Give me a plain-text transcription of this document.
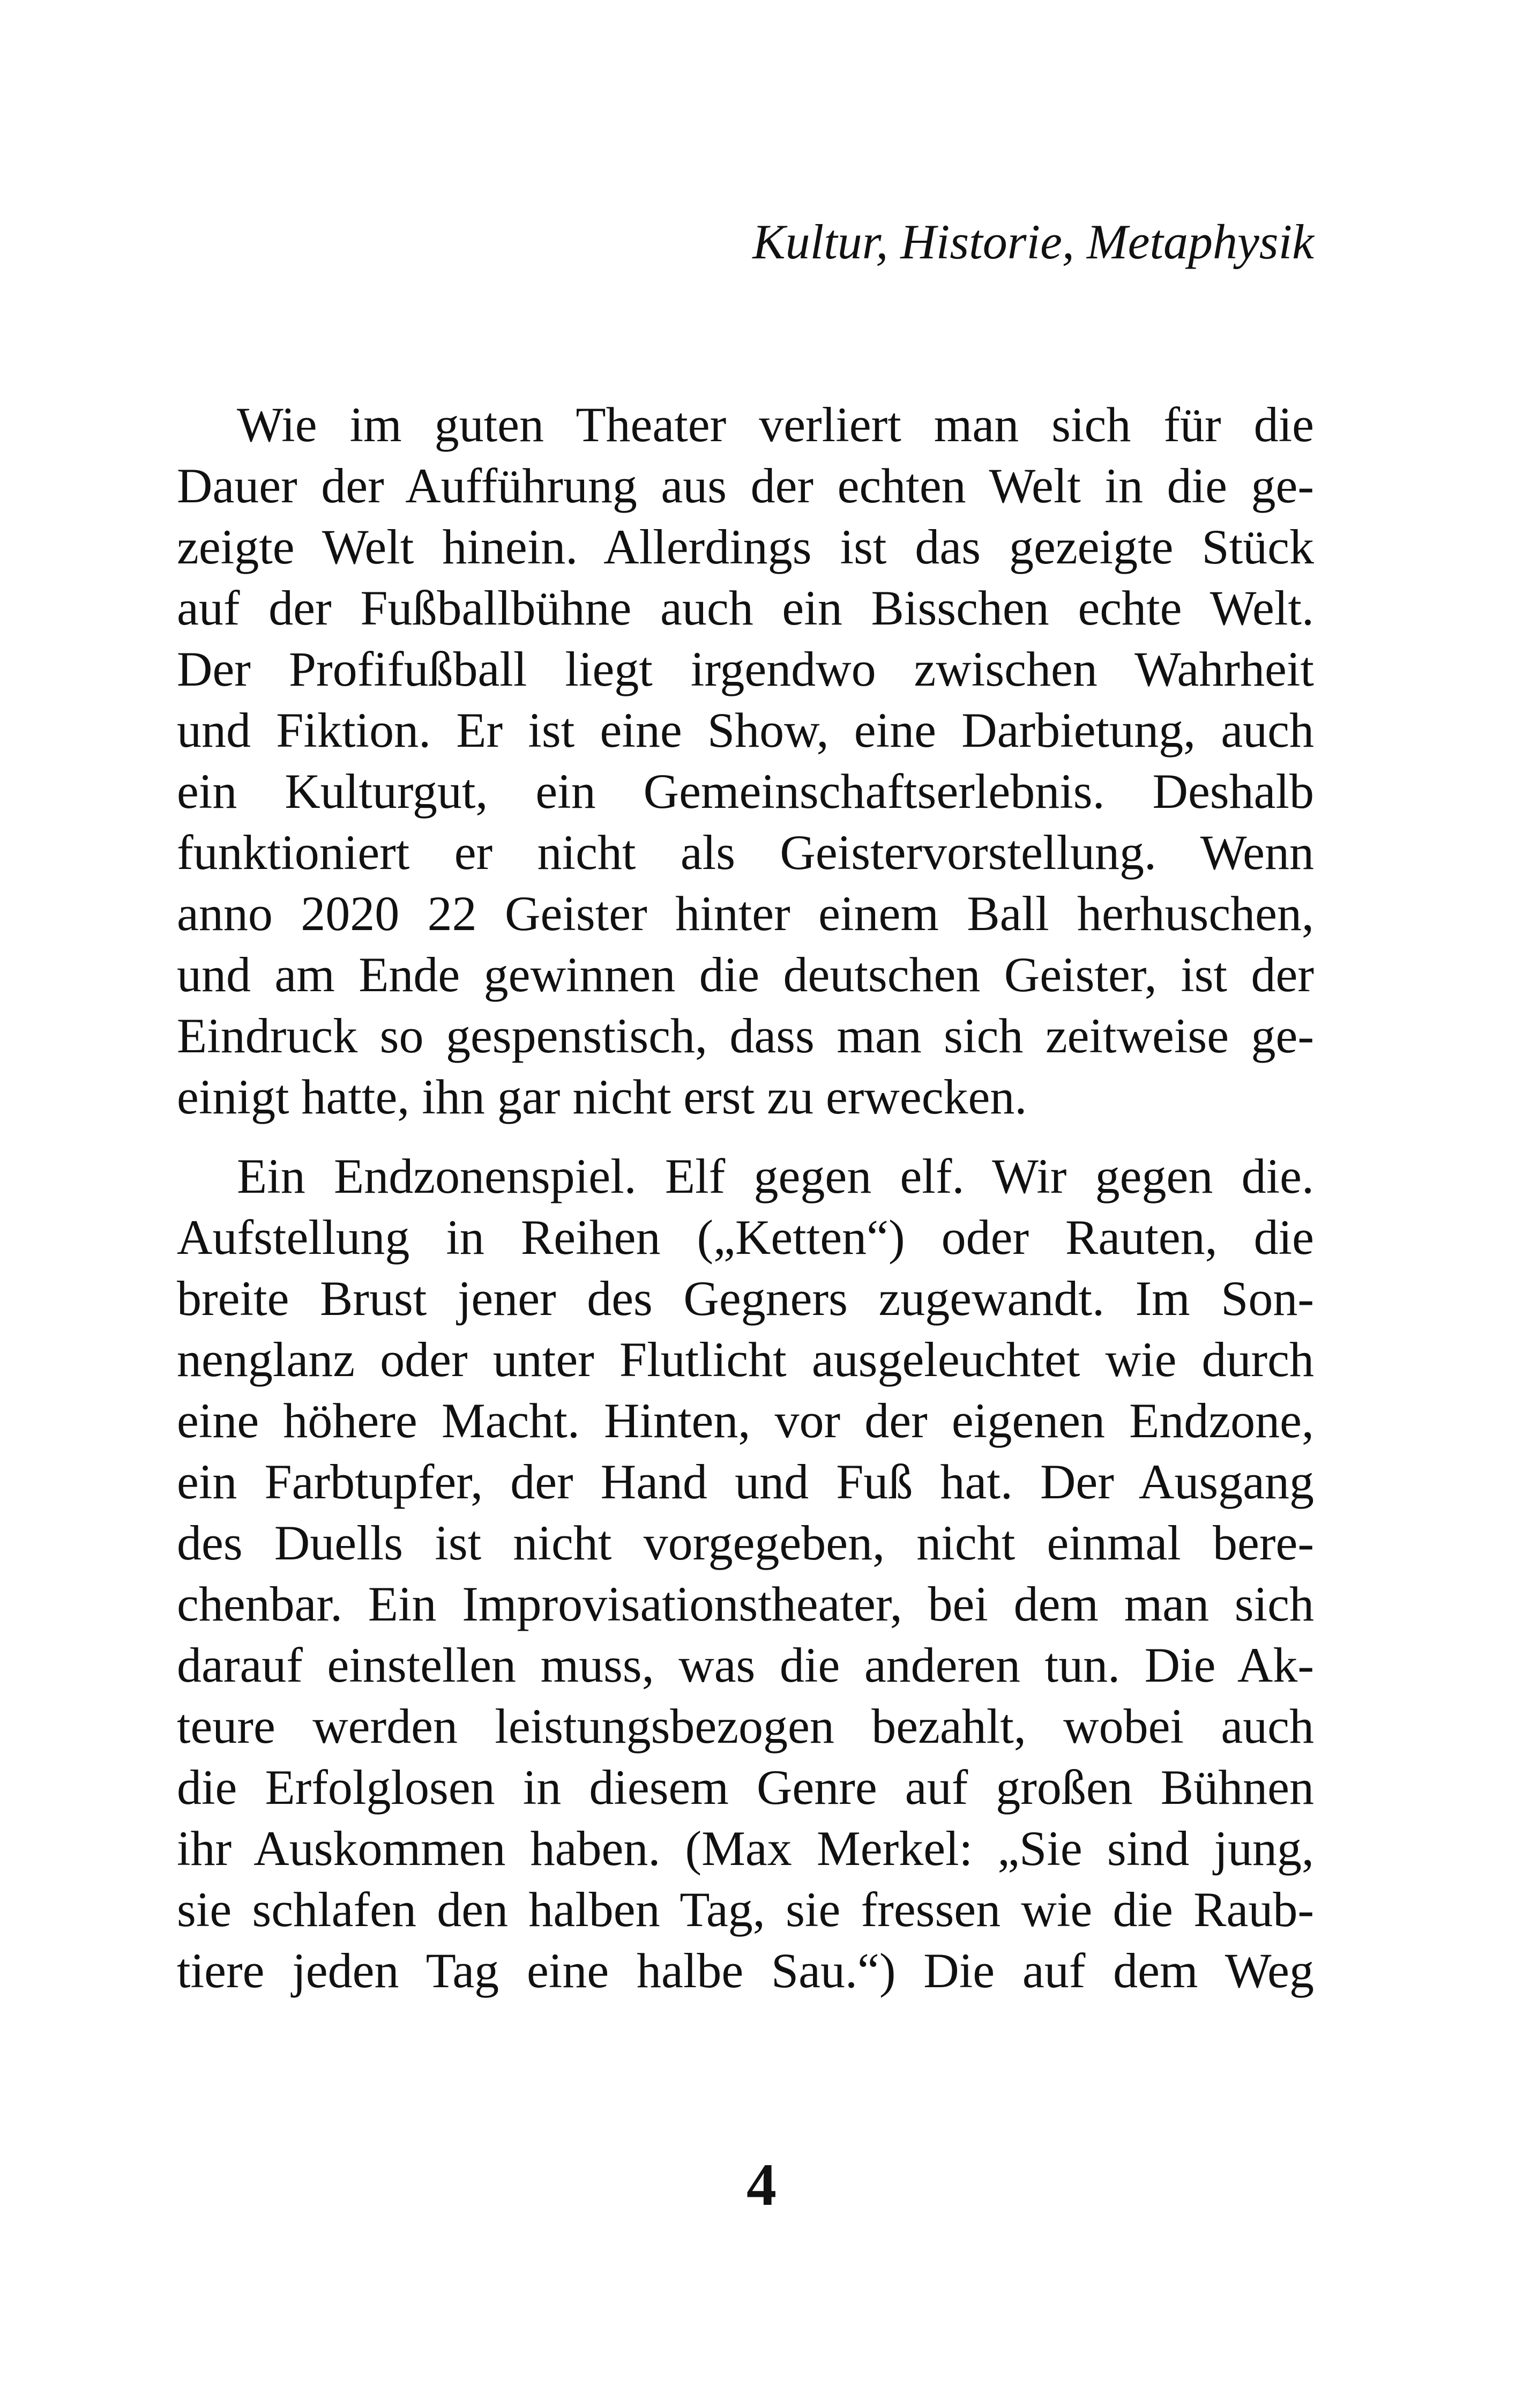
Kultur, Historie, Metaphysik
Wie im guten Theater verliert man sich für die
Dauer der Aufführung aus der echten Welt in die ge-
zeigte Welt hinein. Allerdings ist das gezeigte Stück
auf der Fußballbühne auch ein Bisschen echte Welt.
Der Profifußball liegt irgendwo zwischen Wahrheit
und Fiktion. Er ist eine Show, eine Darbietung, auch
ein Kulturgut, ein Gemeinschaftserlebnis. Deshalb
funktioniert er nicht als Geistervorstellung. Wenn
anno 2020 22 Geister hinter einem Ball herhuschen,
und am Ende gewinnen die deutschen Geister, ist der
Eindruck so gespenstisch, dass man sich zeitweise ge-
einigt hatte, ihn gar nicht erst zu erwecken.
Ein Endzonenspiel. Elf gegen elf. Wir gegen die.
Aufstellung in Reihen („Ketten“) oder Rauten, die
breite Brust jener des Gegners zugewandt. Im Son-
nenglanz oder unter Flutlicht ausgeleuchtet wie durch
eine höhere Macht. Hinten, vor der eigenen Endzone,
ein Farbtupfer, der Hand und Fuß hat. Der Ausgang
des Duells ist nicht vorgegeben, nicht einmal bere-
chenbar. Ein Improvisationstheater, bei dem man sich
darauf einstellen muss, was die anderen tun. Die Ak-
teure werden leistungsbezogen bezahlt, wobei auch
die Erfolglosen in diesem Genre auf großen Bühnen
ihr Auskommen haben. (Max Merkel: „Sie sind jung,
sie schlafen den halben Tag, sie fressen wie die Raub-
tiere jeden Tag eine halbe Sau.“) Die auf dem Weg
4
